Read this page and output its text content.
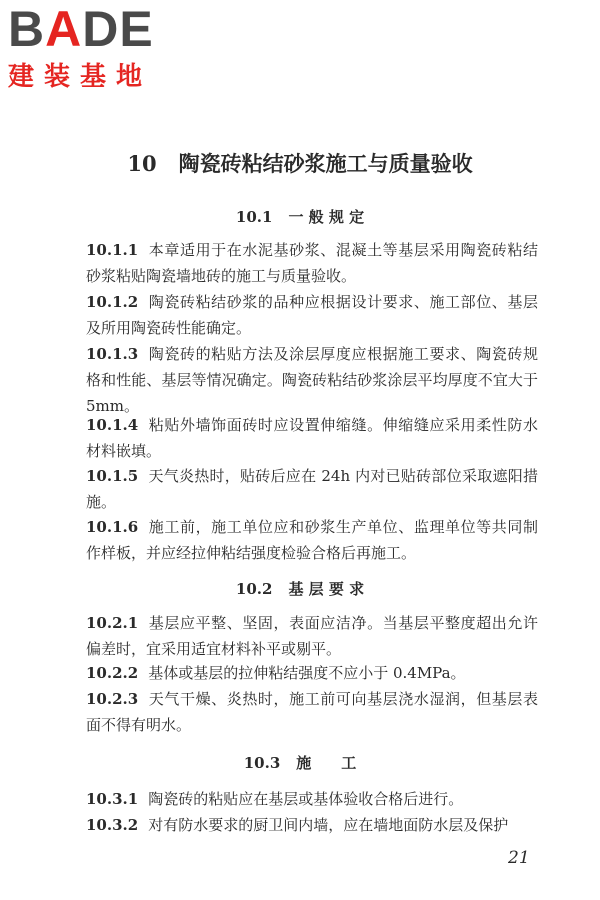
BADE
建装基地
10 陶瓷砖粘结砂浆施工与质量验收
10.1 一 般 规 定
10.1.1 本章适用于在水泥基砂浆、混凝土等基层采用陶瓷砖粘结砂浆粘贴陶瓷墙地砖的施工与质量验收。
10.1.2 陶瓷砖粘结砂浆的品种应根据设计要求、施工部位、基层及所用陶瓷砖性能确定。
10.1.3 陶瓷砖的粘贴方法及涂层厚度应根据施工要求、陶瓷砖规格和性能、基层等情况确定。陶瓷砖粘结砂浆涂层平均厚度不宜大于 5mm。
10.1.4 粘贴外墙饰面砖时应设置伸缩缝。伸缩缝应采用柔性防水材料嵌填。
10.1.5 天气炎热时，贴砖后应在 24h 内对已贴砖部位采取遮阳措施。
10.1.6 施工前，施工单位应和砂浆生产单位、监理单位等共同制作样板，并应经拉伸粘结强度检验合格后再施工。
10.2 基 层 要 求
10.2.1 基层应平整、坚固，表面应洁净。当基层平整度超出允许偏差时，宜采用适宜材料补平或剔平。
10.2.2 基体或基层的拉伸粘结强度不应小于 0.4MPa。
10.2.3 天气干燥、炎热时，施工前可向基层浇水湿润，但基层表面不得有明水。
10.3 施　　工
10.3.1 陶瓷砖的粘贴应在基层或基体验收合格后进行。
10.3.2 对有防水要求的厨卫间内墙，应在墙地面防水层及保护
21
